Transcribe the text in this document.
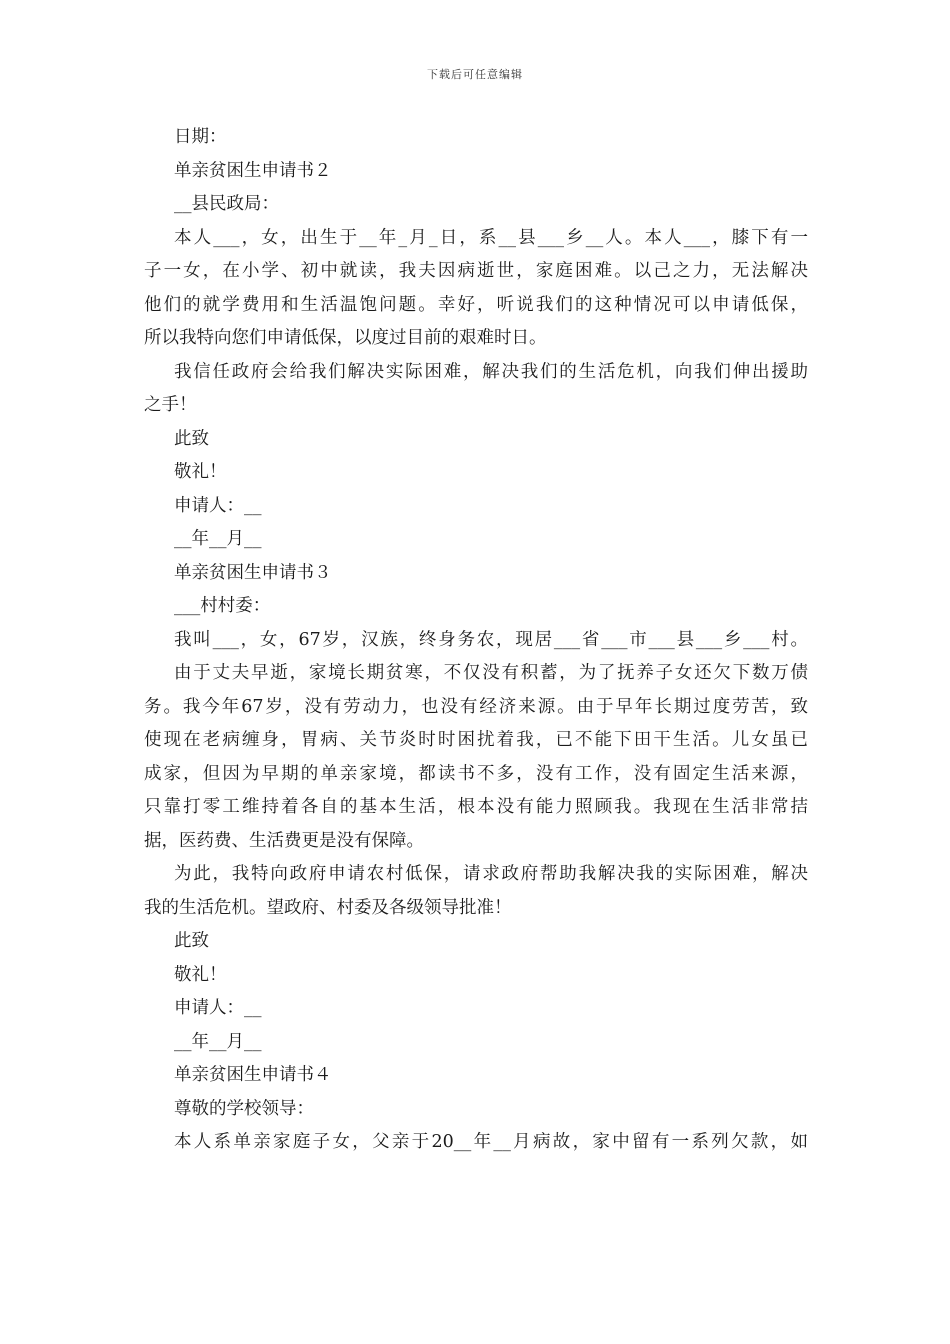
下载后可任意编辑
日期：
单亲贫困生申请书２
__县民政局：
本人___，女，出生于__年_月_日，系__县___乡__人。本人___，膝下有一
子一女，在小学、初中就读，我夫因病逝世，家庭困难。以己之力，无法解决
他们的就学费用和生活温饱问题。幸好，听说我们的这种情况可以申请低保，
所以我特向您们申请低保，以度过目前的艰难时日。
我信任政府会给我们解决实际困难，解决我们的生活危机，向我们伸出援助
之手！
此致
敬礼！
申请人：__
__年__月__
单亲贫困生申请书３
___村村委：
我叫___，女，67岁，汉族，终身务农，现居___省___市___县___乡___村。
由于丈夫早逝，家境长期贫寒，不仅没有积蓄，为了抚养子女还欠下数万债
务。我今年67岁，没有劳动力，也没有经济来源。由于早年长期过度劳苦，致
使现在老病缠身，胃病、关节炎时时困扰着我，已不能下田干生活。儿女虽已
成家，但因为早期的单亲家境，都读书不多，没有工作，没有固定生活来源，
只靠打零工维持着各自的基本生活，根本没有能力照顾我。我现在生活非常拮
据，医药费、生活费更是没有保障。
为此，我特向政府申请农村低保，请求政府帮助我解决我的实际困难，解决
我的生活危机。望政府、村委及各级领导批准！
此致
敬礼！
申请人：__
__年__月__
单亲贫困生申请书４
尊敬的学校领导：
本人系单亲家庭子女，父亲于20__年__月病故，家中留有一系列欠款，如
